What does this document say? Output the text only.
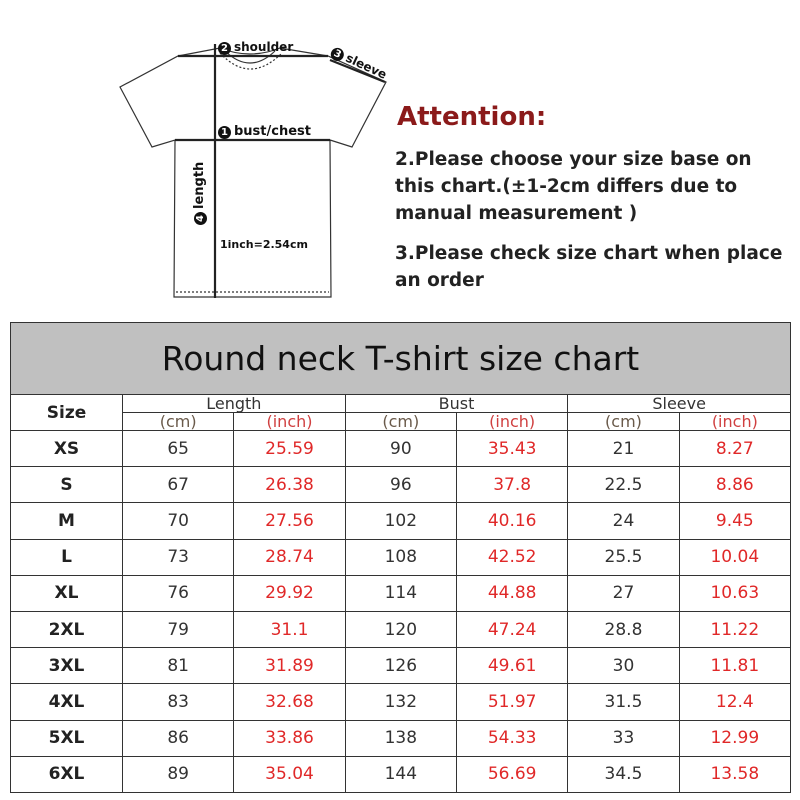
2 shoulder
3sleeve
1 bust/chest
4length
1inch=2.54cm
Attention:
2.Please choose your size base on this chart.(±1-2cm differs due to manual measurement )
3.Please check size chart when place an order
Round neck T-shirt size chart						
Size	Length		Bust		Sleeve	
	(cm)	(inch)	(cm)	(inch)	(cm)	(inch)
XS	65	25.59	90	35.43	21	8.27
S	67	26.38	96	37.8	22.5	8.86
M	70	27.56	102	40.16	24	9.45
L	73	28.74	108	42.52	25.5	10.04
XL	76	29.92	114	44.88	27	10.63
2XL	79	31.1	120	47.24	28.8	11.22
3XL	81	31.89	126	49.61	30	11.81
4XL	83	32.68	132	51.97	31.5	12.4
5XL	86	33.86	138	54.33	33	12.99
6XL	89	35.04	144	56.69	34.5	13.58
